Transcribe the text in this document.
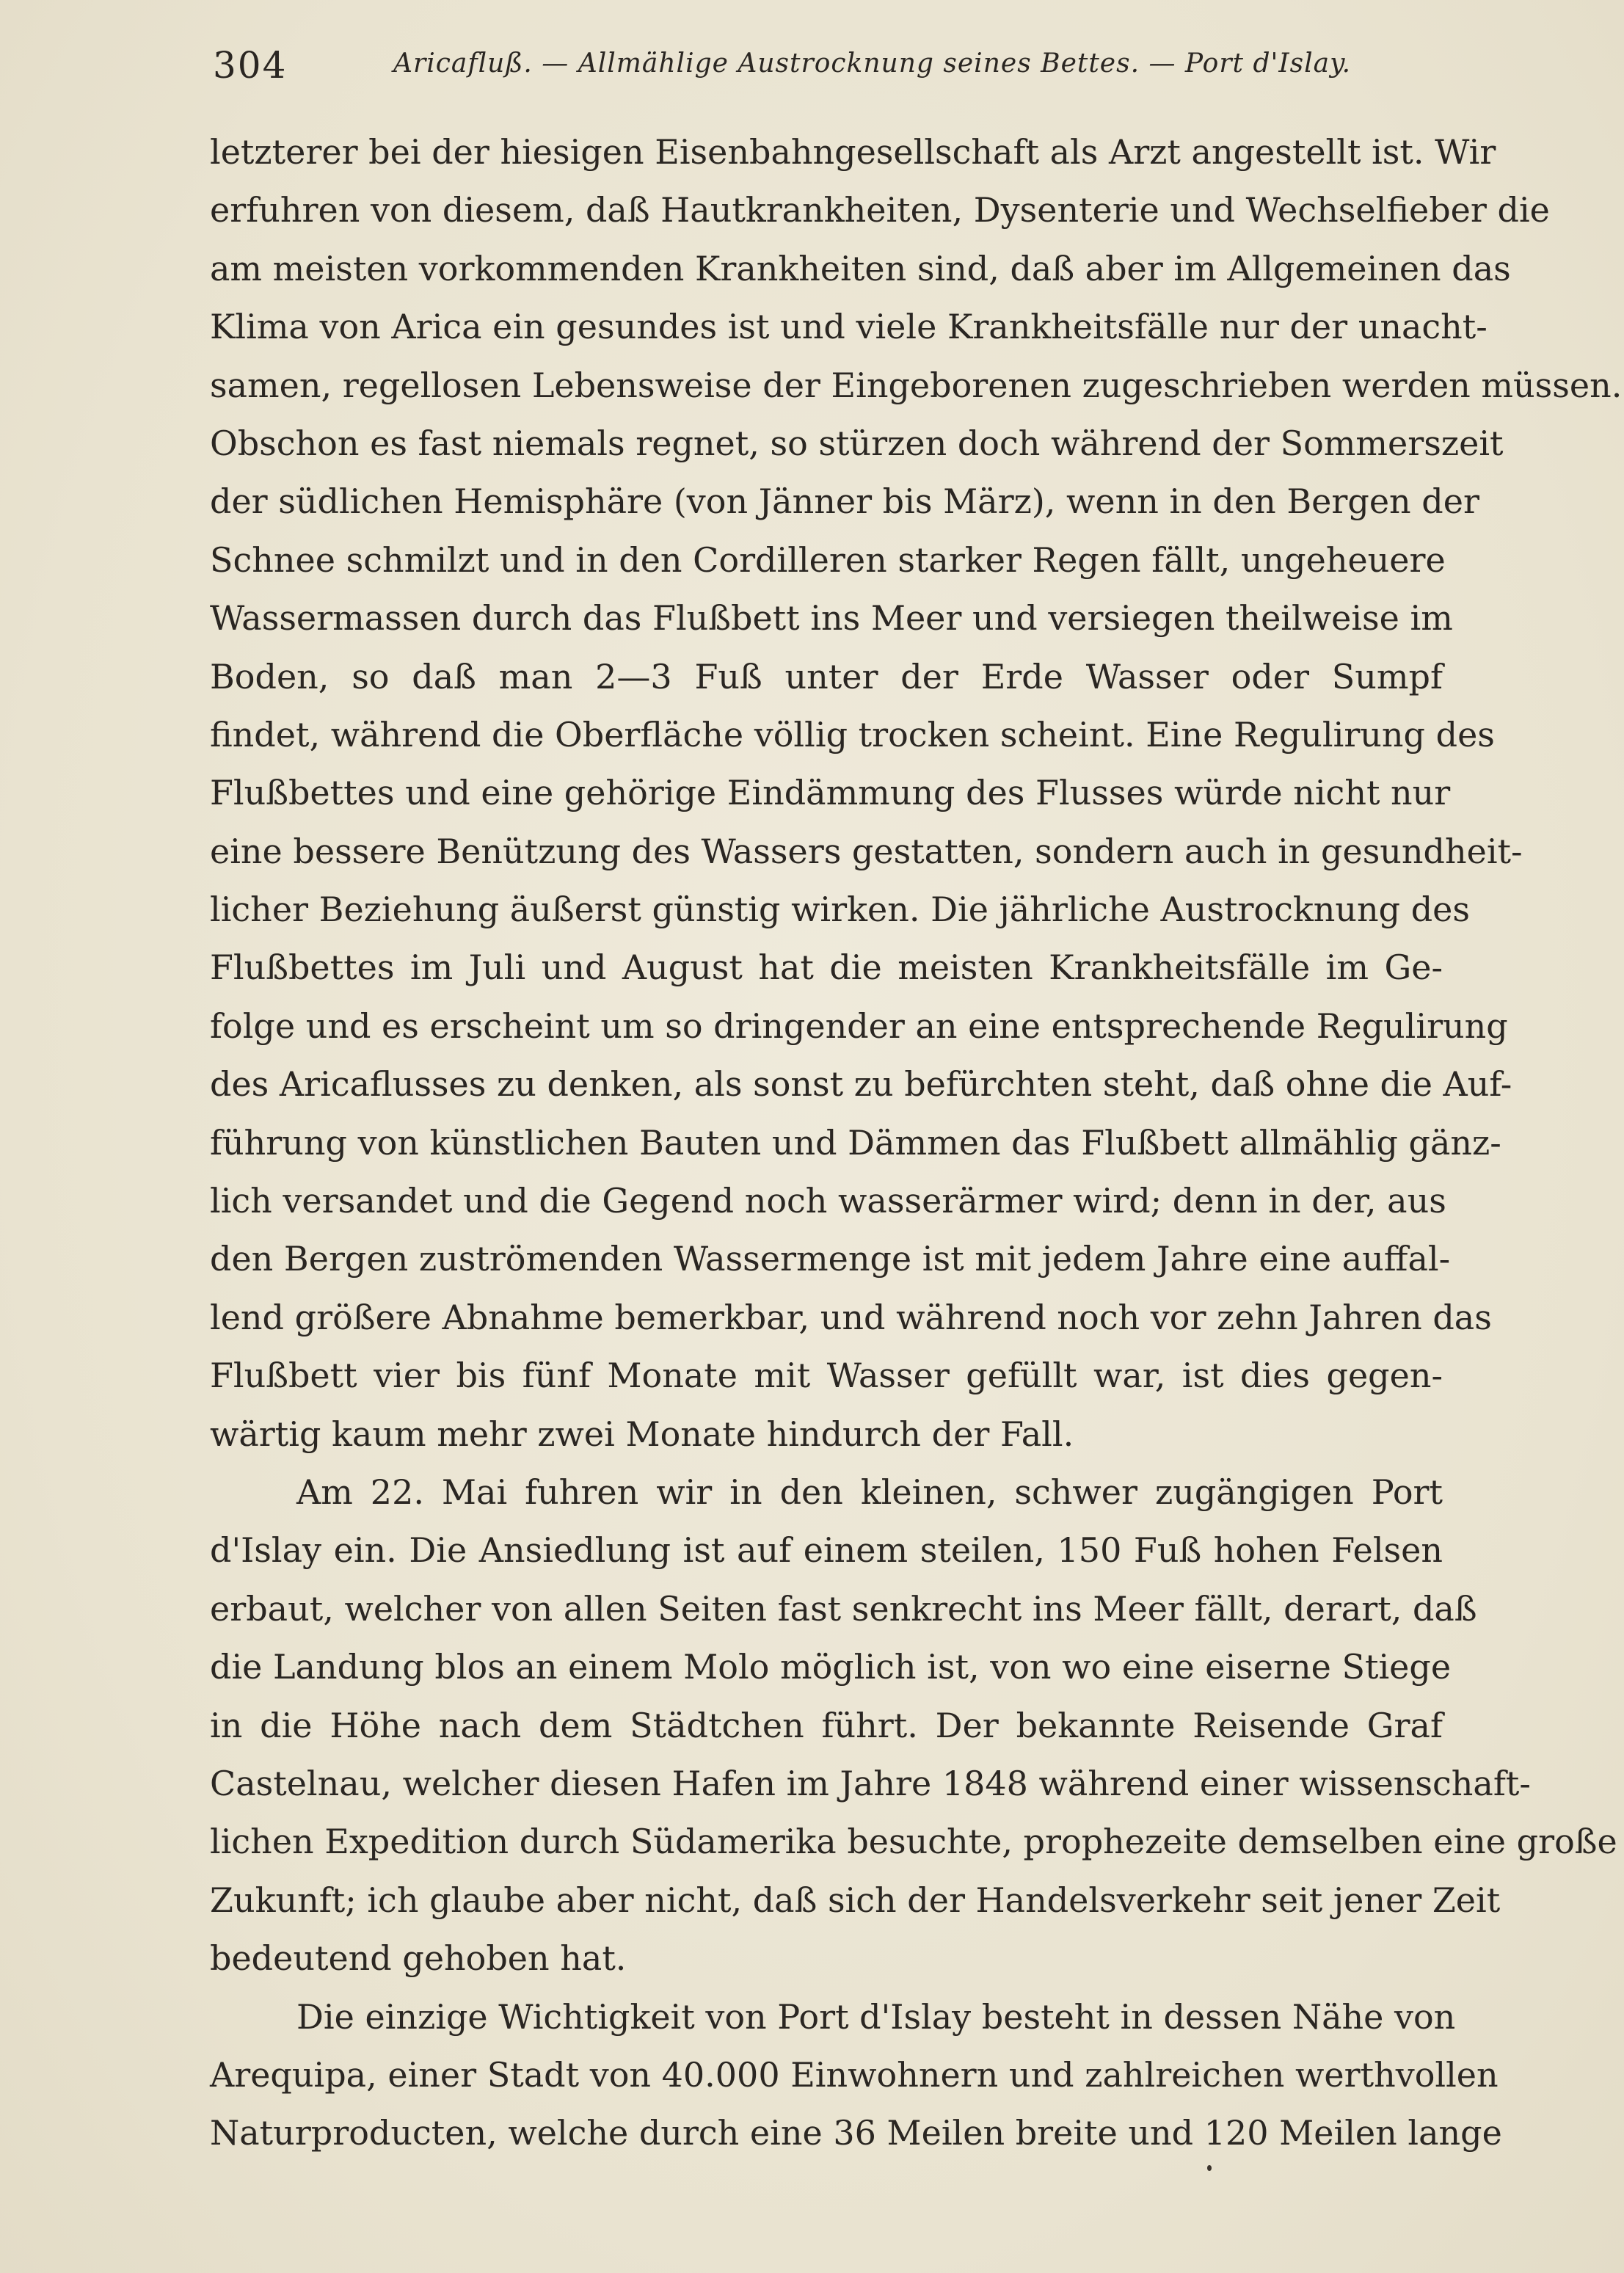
304	Aricafluß. — Allmählige Austrocknung seines Bettes. — Port d'Islay.
letzterer bei der hiesigen Eisenbahngesellschaft als Arzt angestellt ist. Wir
erfuhren von diesem, daß Hautkrankheiten, Dysenterie und Wechselfieber die
am meisten vorkommenden Krankheiten sind, daß aber im Allgemeinen das
Klima von Arica ein gesundes ist und viele Krankheitsfälle nur der unacht-
samen, regellosen Lebensweise der Eingeborenen zugeschrieben werden müssen.
Obschon es fast niemals regnet, so stürzen doch während der Sommerszeit
der südlichen Hemisphäre (von Jänner bis März), wenn in den Bergen der
Schnee schmilzt und in den Cordilleren starker Regen fällt, ungeheuere
Wassermassen durch das Flußbett ins Meer und versiegen theilweise im
Boden, so daß man 2—3 Fuß unter der Erde Wasser oder Sumpf
findet, während die Oberfläche völlig trocken scheint. Eine Regulirung des
Flußbettes und eine gehörige Eindämmung des Flusses würde nicht nur
eine bessere Benützung des Wassers gestatten, sondern auch in gesundheit-
licher Beziehung äußerst günstig wirken. Die jährliche Austrocknung des
Flußbettes im Juli und August hat die meisten Krankheitsfälle im Ge-
folge und es erscheint um so dringender an eine entsprechende Regulirung
des Aricaflusses zu denken, als sonst zu befürchten steht, daß ohne die Auf-
führung von künstlichen Bauten und Dämmen das Flußbett allmählig gänz-
lich versandet und die Gegend noch wasserärmer wird; denn in der, aus
den Bergen zuströmenden Wassermenge ist mit jedem Jahre eine auffal-
lend größere Abnahme bemerkbar, und während noch vor zehn Jahren das
Flußbett vier bis fünf Monate mit Wasser gefüllt war, ist dies gegen-
wärtig kaum mehr zwei Monate hindurch der Fall.
Am 22. Mai fuhren wir in den kleinen, schwer zugängigen Port
d'Islay ein. Die Ansiedlung ist auf einem steilen, 150 Fuß hohen Felsen
erbaut, welcher von allen Seiten fast senkrecht ins Meer fällt, derart, daß
die Landung blos an einem Molo möglich ist, von wo eine eiserne Stiege
in die Höhe nach dem Städtchen führt. Der bekannte Reisende Graf
Castelnau, welcher diesen Hafen im Jahre 1848 während einer wissenschaft-
lichen Expedition durch Südamerika besuchte, prophezeite demselben eine große
Zukunft; ich glaube aber nicht, daß sich der Handelsverkehr seit jener Zeit
bedeutend gehoben hat.
Die einzige Wichtigkeit von Port d'Islay besteht in dessen Nähe von
Arequipa, einer Stadt von 40.000 Einwohnern und zahlreichen werthvollen
Naturproducten, welche durch eine 36 Meilen breite und 120 Meilen lange
